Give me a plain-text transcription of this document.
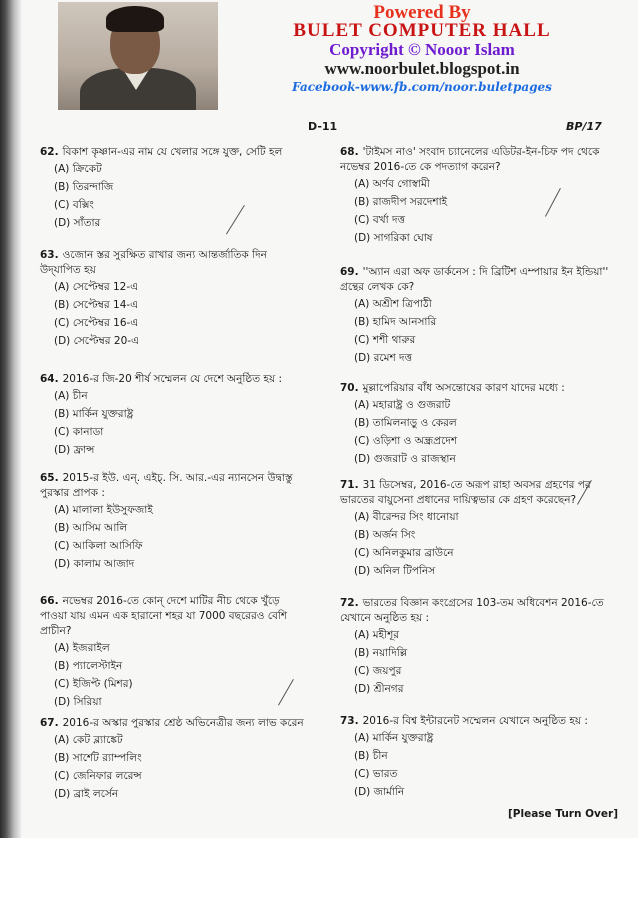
Powered By
BULET COMPUTER HALL
Copyright © Nooor Islam
www.noorbulet.blogspot.in
Facebook-www.fb.com/noor.buletpages
D-11	BP/17
62. বিকাশ কৃষ্ণান-এর নাম যে খেলার সঙ্গে যুক্ত, সেটি হল
(A) ক্রিকেট
(B) তিরন্দাজি
(C) বক্সিং
(D) সাঁতার
63. ওজোন স্তর সুরক্ষিত রাখার জন্য আন্তর্জাতিক দিন উদ্‌যাপিত হয়
(A) সেপ্টেম্বর 12-এ
(B) সেপ্টেম্বর 14-এ
(C) সেপ্টেম্বর 16-এ
(D) সেপ্টেম্বর 20-এ
64. 2016-র জি-20 শীর্ষ সম্মেলন যে দেশে অনুষ্ঠিত হয় :
(A) চীন
(B) মার্কিন যুক্তরাষ্ট্র
(C) কানাডা
(D) ফ্রান্স
65. 2015-র ইউ. এন্. এইচ্. সি. আর.-এর ন্যানসেন উদ্বাস্তু পুরস্কার প্রাপক :
(A) মালালা ইউসুফজাই
(B) আসিম আলি
(C) আকিলা আসিফি
(D) কালাম আজাদ
66. নভেম্বর 2016-তে কোন্ দেশে মাটির নীচ থেকে খুঁড়ে পাওয়া যায় এমন এক হারানো শহর যা 7000 বছরেরও বেশি প্রাচীন?
(A) ইজরাইল
(B) প্যালেস্টাইন
(C) ইজিপ্ট (মিশর)
(D) সিরিয়া
67. 2016-র অস্কার পুরস্কার শ্রেষ্ঠ অভিনেত্রীর জন্য লাভ করেন
(A) কেট ব্ল্যাঙ্কেট
(B) সার্শেট র‍্যাম্পলিং
(C) জেনিফার লরেন্স
(D) ব্রাই লর্সেন
68. 'টাইমস নাও' সংবাদ চ্যানেলের এডিটর-ইন-চিফ পদ থেকে নভেম্বর 2016-তে কে পদত্যাগ করেন?
(A) অর্ণব গোস্বামী
(B) রাজদীপ সরদেশাই
(C) বর্খা দত্ত
(D) সাগরিকা ঘোষ
69. ''অ্যান এরা অফ ডার্কনেস : দি ব্রিটিশ এম্পায়ার ইন ইন্ডিয়া'' গ্রন্থের লেখক কে?
(A) অশ্রীশ ত্রিপাঠী
(B) হামিদ আনসারি
(C) শশী থারুর
(D) রমেশ দত্ত
70. মুল্লাপেরিয়ার বাঁধ অসন্তোষের কারণ যাদের মধ্যে :
(A) মহারাষ্ট্র ও গুজরাট
(B) তামিলনাড়ু ও কেরল
(C) ওড়িশা ও অন্ধ্রপ্রদেশ
(D) গুজরাট ও রাজস্থান
71. 31 ডিসেম্বর, 2016-তে অরূপ রাহা অবসর গ্রহণের পর ভারতের বায়ুসেনা প্রধানের দায়িত্বভার কে গ্রহণ করেছেন?
(A) বীরেন্দর সিং ধানোয়া
(B) অর্জন সিং
(C) অনিলকুমার ব্রাউনে
(D) অনিল টিপনিস
72. ভারতের বিজ্ঞান কংগ্রেসের 103-তম অধিবেশন 2016-তে যেখানে অনুষ্ঠিত হয় :
(A) মহীশূর
(B) নয়াদিল্লি
(C) জয়পুর
(D) শ্রীনগর
73. 2016-র বিশ্ব ইন্টারনেট সম্মেলন যেখানে অনুষ্ঠিত হয় :
(A) মার্কিন যুক্তরাষ্ট্র
(B) চীন
(C) ভারত
(D) জার্মানি
[Please Turn Over]
